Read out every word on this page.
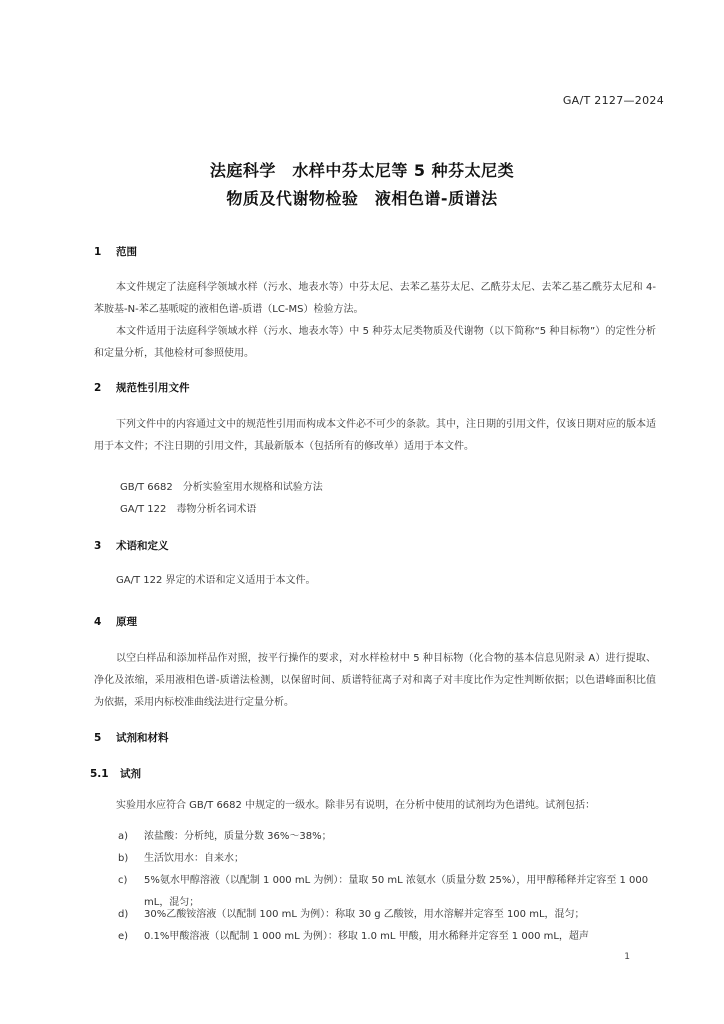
GA/T 2127—2024
法庭科学　水样中芬太尼等 5 种芬太尼类
物质及代谢物检验　液相色谱-质谱法
1 范围

本文件规定了法庭科学领域水样（污水、地表水等）中芬太尼、去苯乙基芬太尼、乙酰芬太尼、去苯乙基乙酰芬太尼和 4-苯胺基-N-苯乙基哌啶的液相色谱-质谱（LC-MS）检验方法。

本文件适用于法庭科学领域水样（污水、地表水等）中 5 种芬太尼类物质及代谢物（以下简称“5 种目标物”）的定性分析和定量分析，其他检材可参照使用。

2 规范性引用文件

下列文件中的内容通过文中的规范性引用而构成本文件必不可少的条款。其中，注日期的引用文件，仅该日期对应的版本适用于本文件；不注日期的引用文件，其最新版本（包括所有的修改单）适用于本文件。

GB/T 6682　分析实验室用水规格和试验方法
GA/T 122　毒物分析名词术语
3 术语和定义

GA/T 122 界定的术语和定义适用于本文件。

4 原理

以空白样品和添加样品作对照，按平行操作的要求，对水样检材中 5 种目标物（化合物的基本信息见附录 A）进行提取、净化及浓缩，采用液相色谱-质谱法检测，以保留时间、质谱特征离子对和离子对丰度比作为定性判断依据；以色谱峰面积比值为依据，采用内标校准曲线法进行定量分析。

5 试剂和材料
5.1 试剂

实验用水应符合 GB/T 6682 中规定的一级水。除非另有说明，在分析中使用的试剂均为色谱纯。试剂包括：

a)	浓盐酸：分析纯，质量分数 36%～38%；
b)	生活饮用水：自来水；
c)	5%氨水甲醇溶液（以配制 1 000 mL 为例）：量取 50 mL 浓氨水（质量分数 25%），用甲醇稀释并定容至 1 000 mL，混匀；
d)	30%乙酸铵溶液（以配制 100 mL 为例）：称取 30 g 乙酸铵，用水溶解并定容至 100 mL，混匀；
e)	0.1%甲酸溶液（以配制 1 000 mL 为例）：移取 1.0 mL 甲酸，用水稀释并定容至 1 000 mL，超声
1
